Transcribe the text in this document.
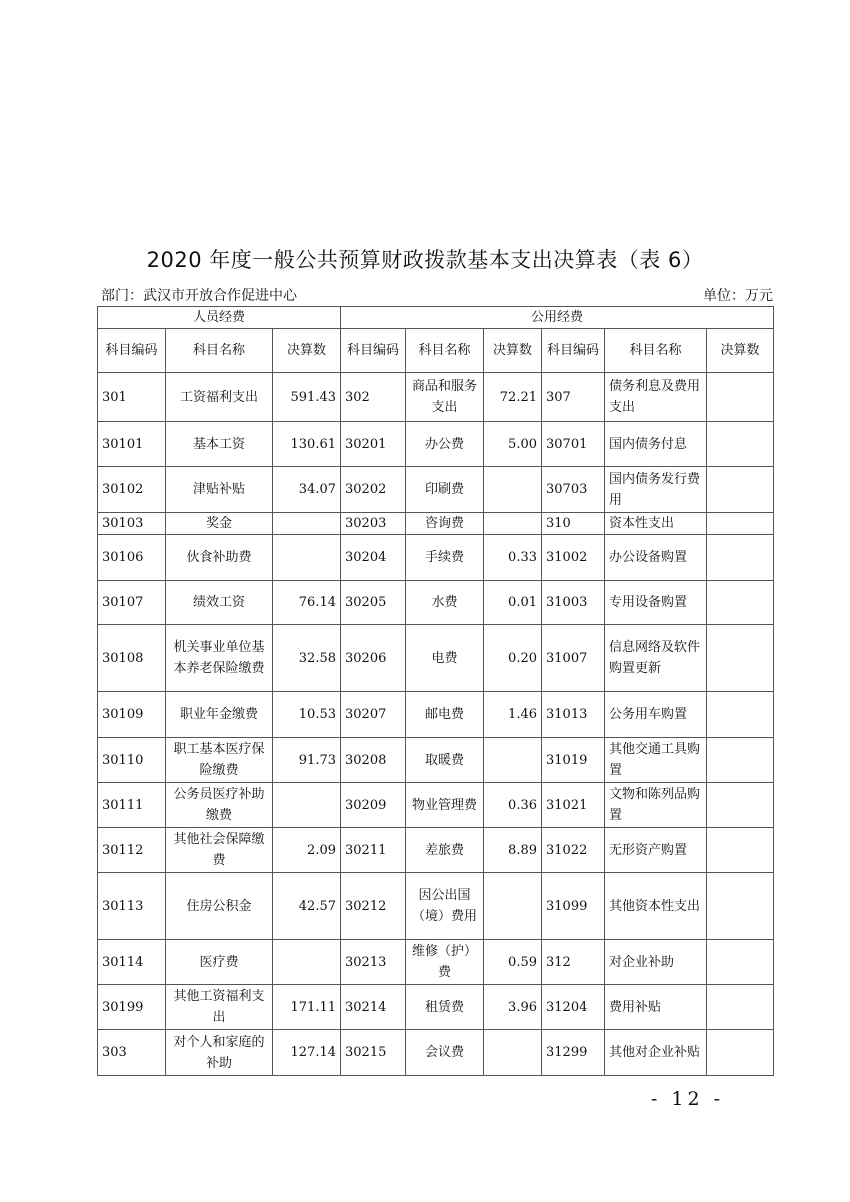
2020 年度一般公共预算财政拨款基本支出决算表（表 6）
部门：武汉市开放合作促进中心	单位：万元
人员经费			公用经费					
科目编码	科目名称	决算数	科目编码	科目名称	决算数	科目编码	科目名称	决算数
301	工资福利支出	591.43	302	商品和服务支出	72.21	307	债务利息及费用支出	
30101	基本工资	130.61	30201	办公费	5.00	30701	国内债务付息	
30102	津贴补贴	34.07	30202	印刷费		30703	国内债务发行费用	
30103	奖金		30203	咨询费		310	资本性支出	
30106	伙食补助费		30204	手续费	0.33	31002	办公设备购置	
30107	绩效工资	76.14	30205	水费	0.01	31003	专用设备购置	
30108	机关事业单位基本养老保险缴费	32.58	30206	电费	0.20	31007	信息网络及软件购置更新	
30109	职业年金缴费	10.53	30207	邮电费	1.46	31013	公务用车购置	
30110	职工基本医疗保险缴费	91.73	30208	取暖费		31019	其他交通工具购置	
30111	公务员医疗补助缴费		30209	物业管理费	0.36	31021	文物和陈列品购置	
30112	其他社会保障缴费	2.09	30211	差旅费	8.89	31022	无形资产购置	
30113	住房公积金	42.57	30212	因公出国（境）费用		31099	其他资本性支出	
30114	医疗费		30213	维修（护）费	0.59	312	对企业补助	
30199	其他工资福利支出	171.11	30214	租赁费	3.96	31204	费用补贴	
303	对个人和家庭的补助	127.14	30215	会议费		31299	其他对企业补贴	
- 12 -
